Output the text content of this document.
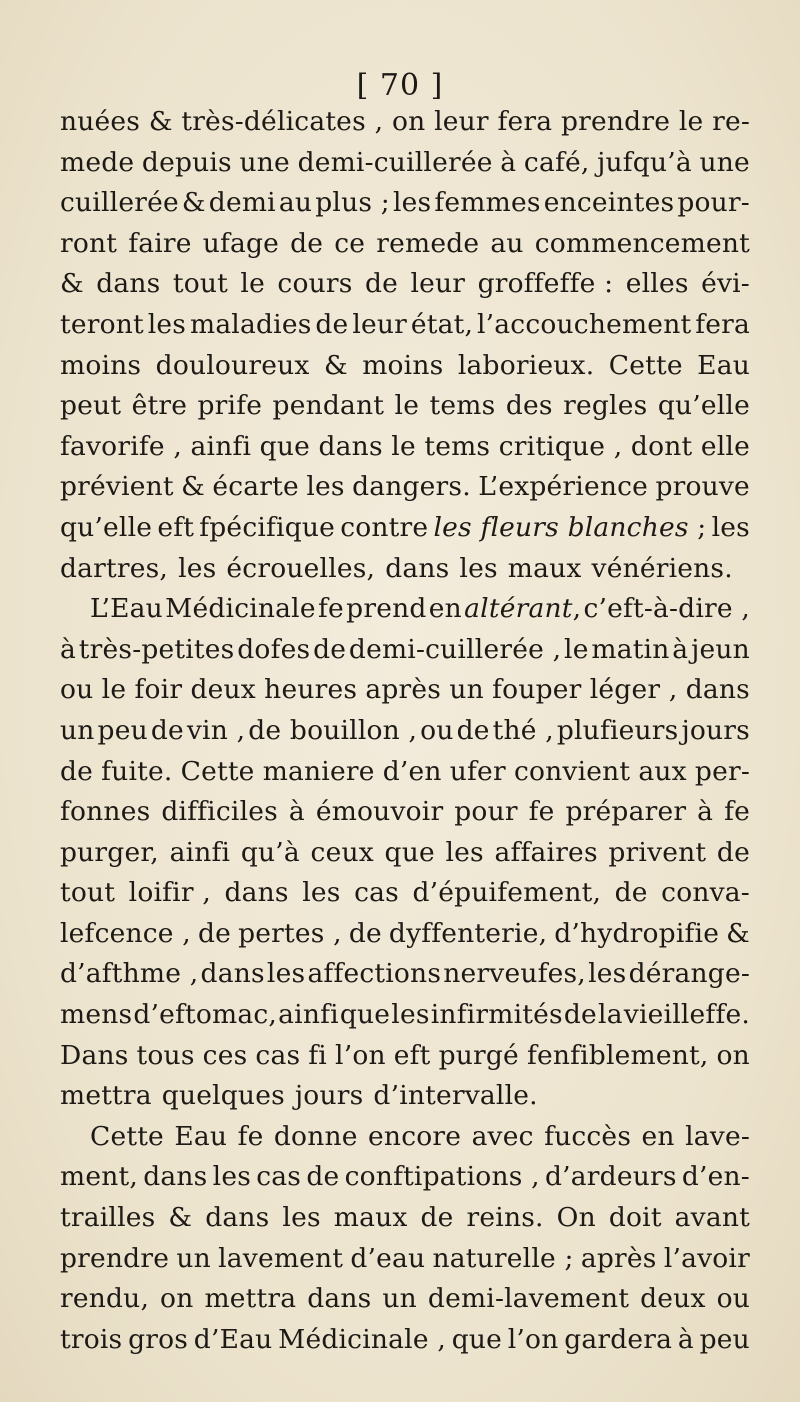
[ 70 ]
nuées & très-délicates , on leur fera prendre le re-
mede depuis une demi-cuillerée à café, jufqu’à une
cuillerée & demi au plus ; les femmes enceintes pour-
ront faire ufage de ce remede au commencement
& dans tout le cours de leur groffeffe : elles évi-
teront les maladies de leur état, l’accouchement fera
moins douloureux & moins laborieux. Cette Eau
peut être prife pendant le tems des regles qu’elle
favorife , ainfi que dans le tems critique , dont elle
prévient & écarte les dangers. L’expérience prouve
qu’elle eft fpécifique contre les fleurs blanches ; les
dartres, les écrouelles, dans les maux vénériens.
L’Eau Médicinale fe prend en altérant, c’eft-à-dire ,
à très-petites dofes de demi-cuillerée , le matin à jeun
ou le foir deux heures après un fouper léger , dans
un peu de vin , de bouillon , ou de thé , plufieurs jours
de fuite. Cette maniere d’en ufer convient aux per-
fonnes difficiles à émouvoir pour fe préparer à fe
purger, ainfi qu’à ceux que les affaires privent de
tout loifir , dans les cas d’épuifement, de conva-
lefcence , de pertes , de dyffenterie, d’hydropifie &
d’afthme , dans les affections nerveufes, les dérange-
mens d’eftomac, ainfi que les infirmités de la vieilleffe.
Dans tous ces cas fi l’on eft purgé fenfiblement, on
mettra quelques jours d’intervalle.
Cette Eau fe donne encore avec fuccès en lave-
ment, dans les cas de conftipations , d’ardeurs d’en-
trailles & dans les maux de reins. On doit avant
prendre un lavement d’eau naturelle ; après l’avoir
rendu, on mettra dans un demi-lavement deux ou
trois gros d’Eau Médicinale , que l’on gardera à peu
